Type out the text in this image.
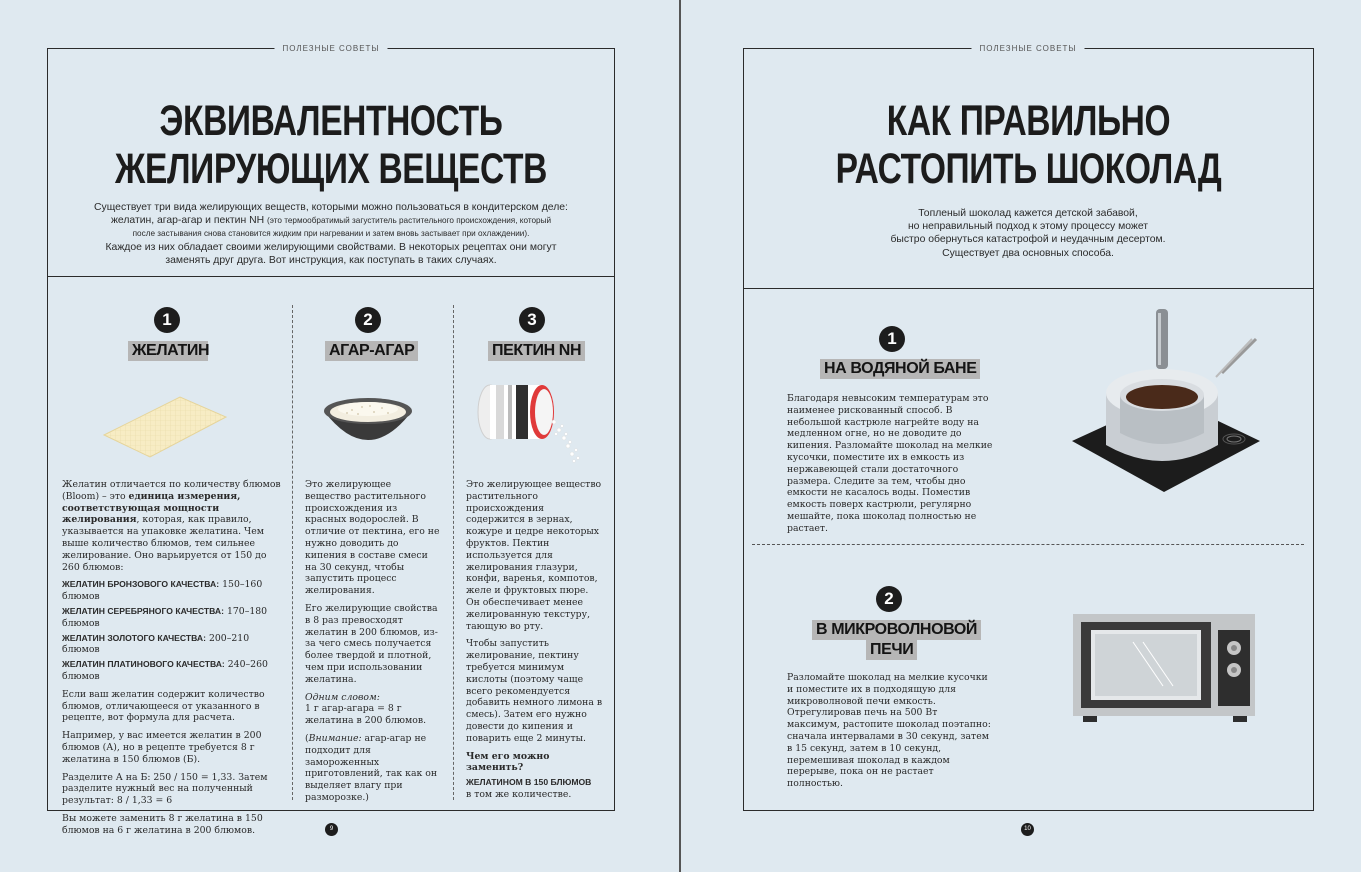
ПОЛЕЗНЫЕ СОВЕТЫ
ЭКВИВАЛЕНТНОСТЬ
ЖЕЛИРУЮЩИХ ВЕЩЕСТВ
Существует три вида желирующих веществ, которыми можно пользоваться в кондитерском деле:
желатин, агар-агар и пектин NH (это термообратимый загуститель растительного происхождения, который
после застывания снова становится жидким при нагревании и затем вновь застывает при охлаждении).
Каждое из них обладает своими желирующими свойствами. В некоторых рецептах они могут
заменять друг друга. Вот инструкция, как поступать в таких случаях.
1
ЖЕЛАТИН

Желатин отличается по количеству блюмов (Bloom) – это единица измерения, соответствующая мощности желирования, которая, как правило, указывается на упаковке желатина. Чем выше количество блюмов, тем сильнее желирование. Оно варьируется от 150 до 260 блюмов:

ЖЕЛАТИН БРОНЗОВОГО КАЧЕСТВА: 150–160 блюмов

ЖЕЛАТИН СЕРЕБРЯНОГО КАЧЕСТВА: 170–180 блюмов

ЖЕЛАТИН ЗОЛОТОГО КАЧЕСТВА: 200–210 блюмов

ЖЕЛАТИН ПЛАТИНОВОГО КАЧЕСТВА: 240–260 блюмов

Если ваш желатин содержит количество блюмов, отличающееся от указанного в рецепте, вот формула для расчета.

Например, у вас имеется желатин в 200 блюмов (А), но в рецепте требуется 8 г желатина в 150 блюмов (Б).

Разделите А на Б: 250 / 150 = 1,33. Затем разделите нужный вес на полученный результат: 8 / 1,33 = 6

Вы можете заменить 8 г желатина в 150 блюмов на 6 г желатина в 200 блюмов.

2
АГАР-АГАР

Это желирующее вещество растительного происхождения из красных водорослей. В отличие от пектина, его не нужно доводить до кипения в составе смеси на 30 секунд, чтобы запустить процесс желирования.

Его желирующие свойства в 8 раз превосходят желатин в 200 блюмов, из-за чего смесь получается более твердой и плотной, чем при использовании желатина.

Одним словом:
1 г агар-агара = 8 г желатина в 200 блюмов.

(Внимание: агар-агар не подходит для замороженных приготовлений, так как он выделяет влагу при разморозке.)

3
ПЕКТИН NH

Это желирующее вещество растительного происхождения содержится в зернах, кожуре и цедре некоторых фруктов. Пектин используется для желирования глазури, конфи, варенья, компотов, желе и фруктовых пюре. Он обеспечивает менее желированную текстуру, тающую во рту.

Чтобы запустить желирование, пектину требуется минимум кислоты (поэтому чаще всего рекомендуется добавить немного лимона в смесь). Затем его нужно довести до кипения и поварить еще 2 минуты.

Чем его можно заменить?

ЖЕЛАТИНОМ В 150 БЛЮМОВ
в том же количестве.

9
ПОЛЕЗНЫЕ СОВЕТЫ
КАК ПРАВИЛЬНО
РАСТОПИТЬ ШОКОЛАД
Топленый шоколад кажется детской забавой,
но неправильный подход к этому процессу может
быстро обернуться катастрофой и неудачным десертом.
Существует два основных способа.
1
НА ВОДЯНОЙ БАНЕ

Благодаря невысоким температурам это наименее рискованный способ. В небольшой кастрюле нагрейте воду на медленном огне, но не доводите до кипения. Разломайте шоколад на мелкие кусочки, поместите их в емкость из нержавеющей стали достаточного размера. Следите за тем, чтобы дно емкости не касалось воды. Поместив емкость поверх кастрюли, регулярно мешайте, пока шоколад полностью не растает.

2
В МИКРОВОЛНОВОЙ
ПЕЧИ

Разломайте шоколад на мелкие кусочки и поместите их в подходящую для микроволновой печи емкость. Отрегулировав печь на 500 Вт максимум, растопите шоколад поэтапно: сначала интервалами в 30 секунд, затем в 15 секунд, затем в 10 секунд, перемешивая шоколад в каждом перерыве, пока он не растает полностью.

10
